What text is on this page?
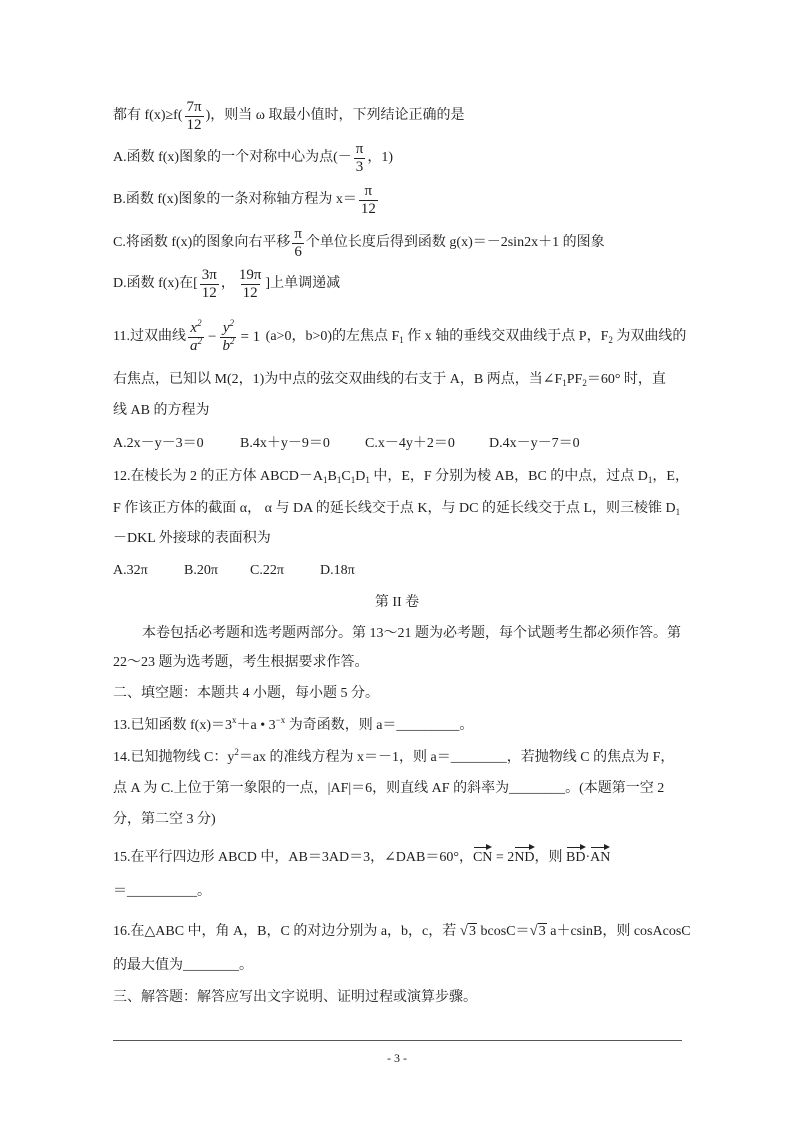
都有 $f(x)\ge f( \frac{7\pi}{12}$ )，则当 ω 取最小值时，下列结论正确的是
A.函数 f(x)图象的一个对称中心为点(－ $\frac{\pi}{3}$ ，1)
B.函数 f(x)图象的一条对称轴方程为 $x= \frac{\pi}{12}$
C.将函数 f(x)的图象向右平移 $\frac{\pi}{6}$ 个单位长度后得到函数 g(x)＝－2sin2x＋1 的图象
D.函数 f(x)在[ $\frac{3\pi}{12}$ ， $\frac{19\pi}{12}$ ]上单调递减
11.过双曲线 $\frac{x^2}{a^2} - \frac{y^2}{b^2} = 1$ (a>0，b>0)的左焦点 $F_1$ 作 x 轴的垂线交双曲线于点 P，$F_2$ 为双曲线的
右焦点，已知以 M(2，1)为中点的弦交双曲线的右支于 A，B 两点，当$\angle F_1PF_2=60^\circ$ 时，直
线 AB 的方程为
A.2x－y－3＝0	B.4x＋y－9＝0	C.x－4y＋2＝0 D.4x－y－7＝0
12.在棱长为 2 的正方体 $ABCD-A_1B_1C_1D_1$ 中，E，F 分别为棱 AB，BC 的中点，过点 $D_1$，E，
F 作该正方体的截面 α， α 与 DA 的延长线交于点 K，与 DC 的延长线交于点 L，则三棱锥 $D_1$
－DKL 外接球的表面积为
A.32π	B.20π C.22π	D.18π
第 II 卷
本卷包括必考题和选考题两部分。第 13～21 题为必考题，每个试题考生都必须作答。第
22～23 题为选考题，考生根据要求作答。
二、填空题：本题共 4 小题，每小题 5 分。
13.已知函数 $f(x)=3^x+a$ • $3^{-x}$ 为奇函数，则 a＝_________。
14.已知抛物线 C：$y^2=ax$ 的准线方程为 x＝－1，则 a＝________，若抛物线 C 的焦点为 F，
点 A 为 C.上位于第一象限的一点，|AF|＝6，则直线 AF 的斜率为________。(本题第一空 2
分，第二空 3 分)
15.在平行四边形 ABCD 中，AB＝3AD＝3，∠DAB＝60°，CN = 2ND，则 BD·AN
＝__________。
16.在△ABC 中，角 A，B，C 的对边分别为 a，b，c，若 √3 bcosC＝√3 a＋csinB，则 cosAcosC
的最大值为________。
三、解答题：解答应写出文字说明、证明过程或演算步骤。
- 3 -
